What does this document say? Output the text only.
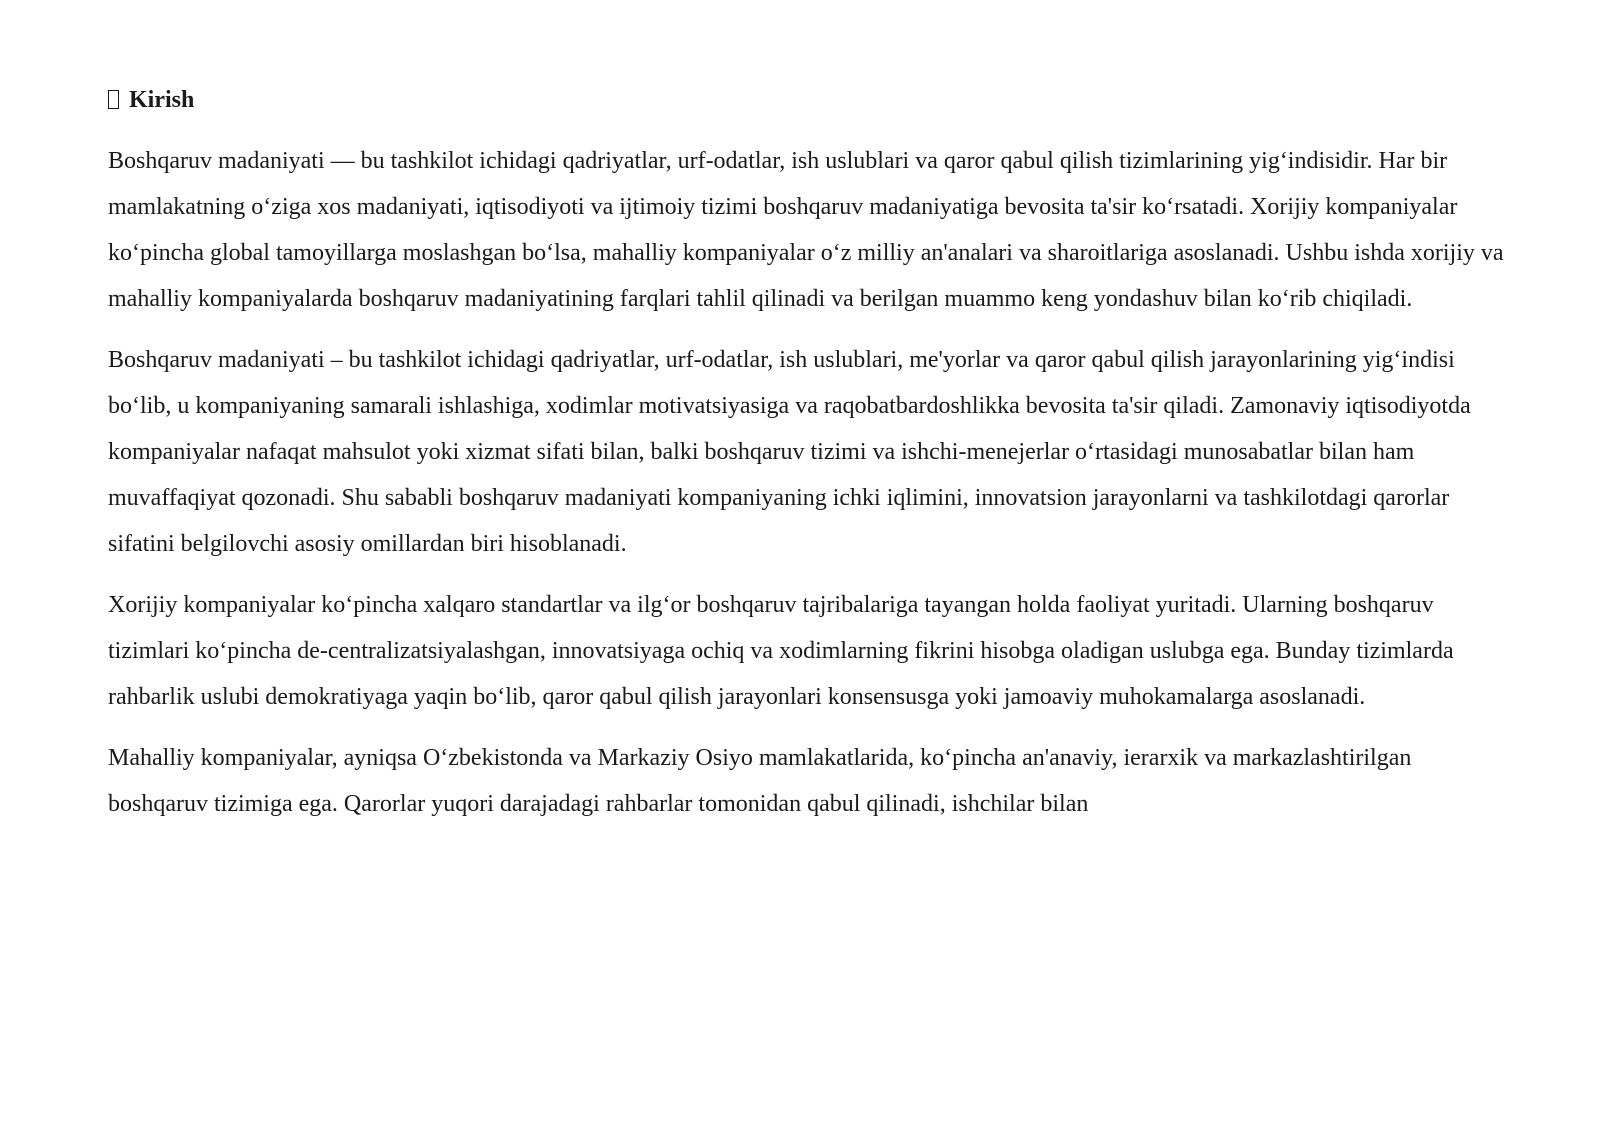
Kirish

Boshqaruv madaniyati — bu tashkilot ichidagi qadriyatlar, urf-odatlar, ish uslublari va qaror qabul qilish tizimlarining yig‘indisidir. Har bir mamlakatning o‘ziga xos madaniyati, iqtisodiyoti va ijtimoiy tizimi boshqaruv madaniyatiga bevosita ta'sir ko‘rsatadi. Xorijiy kompaniyalar ko‘pincha global tamoyillarga moslashgan bo‘lsa, mahalliy kompaniyalar o‘z milliy an'analari va sharoitlariga asoslanadi. Ushbu ishda xorijiy va mahalliy kompaniyalarda boshqaruv madaniyatining farqlari tahlil qilinadi va berilgan muammo keng yondashuv bilan ko‘rib chiqiladi.

Boshqaruv madaniyati – bu tashkilot ichidagi qadriyatlar, urf-odatlar, ish uslublari, me'yorlar va qaror qabul qilish jarayonlarining yig‘indisi bo‘lib, u kompaniyaning samarali ishlashiga, xodimlar motivatsiyasiga va raqobatbardoshlikka bevosita ta'sir qiladi. Zamonaviy iqtisodiyotda kompaniyalar nafaqat mahsulot yoki xizmat sifati bilan, balki boshqaruv tizimi va ishchi-menejerlar o‘rtasidagi munosabatlar bilan ham muvaffaqiyat qozonadi. Shu sababli boshqaruv madaniyati kompaniyaning ichki iqlimini, innovatsion jarayonlarni va tashkilotdagi qarorlar sifatini belgilovchi asosiy omillardan biri hisoblanadi.

Xorijiy kompaniyalar ko‘pincha xalqaro standartlar va ilg‘or boshqaruv tajribalariga tayangan holda faoliyat yuritadi. Ularning boshqaruv tizimlari ko‘pincha de-centralizatsiyalashgan, innovatsiyaga ochiq va xodimlarning fikrini hisobga oladigan uslubga ega. Bunday tizimlarda rahbarlik uslubi demokratiyaga yaqin bo‘lib, qaror qabul qilish jarayonlari konsensusga yoki jamoaviy muhokamalarga asoslanadi.

Mahalliy kompaniyalar, ayniqsa O‘zbekistonda va Markaziy Osiyo mamlakatlarida, ko‘pincha an'anaviy, ierarxik va markazlashtirilgan boshqaruv tizimiga ega. Qarorlar yuqori darajadagi rahbarlar tomonidan qabul qilinadi, ishchilar bilan
